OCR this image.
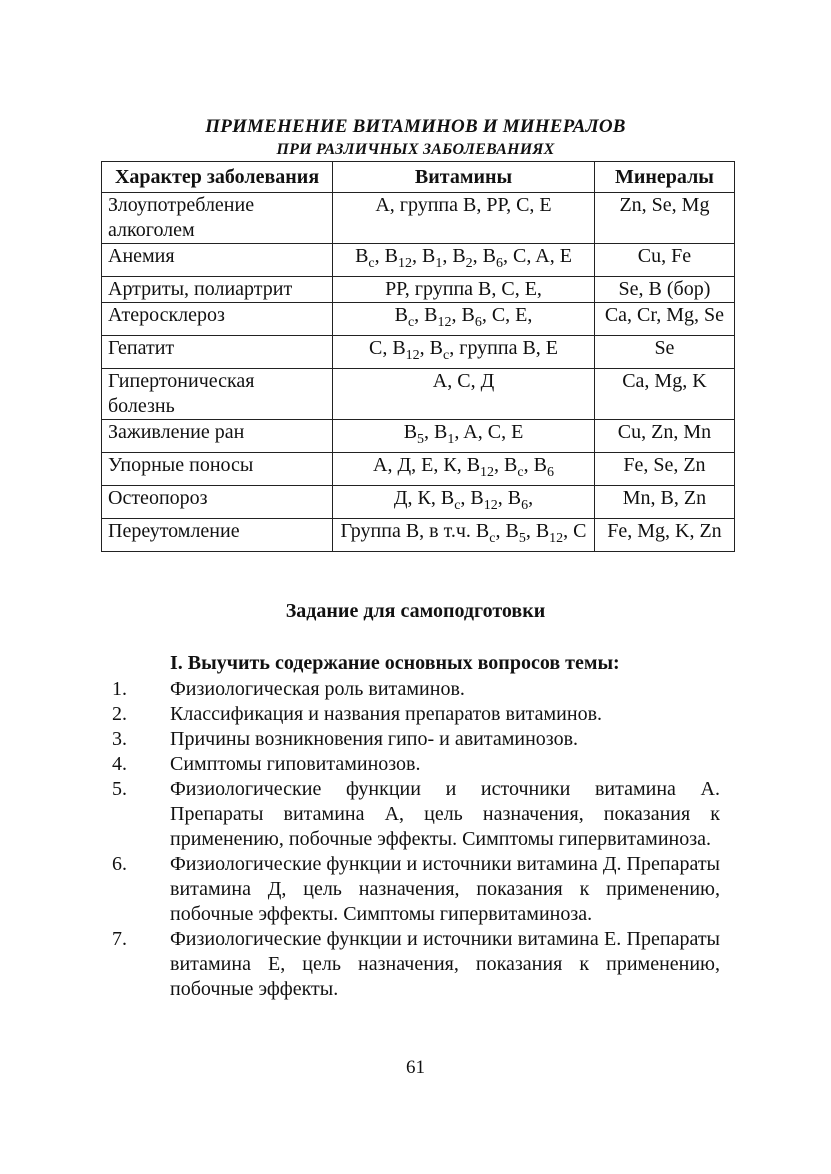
ПРИМЕНЕНИЕ ВИТАМИНОВ И МИНЕРАЛОВ
ПРИ РАЗЛИЧНЫХ ЗАБОЛЕВАНИЯХ
Характер заболевания	Витамины	Минералы
Злоупотребление алкоголем	А, группа В, РР, С, Е	Zn, Se, Mg
Анемия	$B_c$, $B_{12}$, $B_1$, $B_2$, $B_6$, C, A, E	Cu, Fe
Артриты, полиартрит	РР, группа В, С, Е,	Se, B (бор)
Атеросклероз	$B_c$, $B_{12}$, $B_6$, C, E,	Ca, Cr, Mg, Se
Гепатит	C, $B_{12}$, $B_c$, группа B, E	Se
Гипертоническая болезнь	А, С, Д	Ca, Mg, K
Заживление ран	$B_5$, $B_1$, A, C, E	Cu, Zn, Mn
Упорные поносы	А, Д, Е, К, $B_{12}$, $B_c$, $B_6$	Fe, Se, Zn
Остеопороз	Д, К, $B_c$, $B_{12}$, $B_6$,	Mn, B, Zn
Переутомление	Группа В, в т.ч. $B_c$, $B_5$, $B_{12}$, С	Fe, Mg, K, Zn
Задание для самоподготовки
I. Выучить содержание основных вопросов темы:
1.	Физиологическая роль витаминов.
2.	Классификация и названия препаратов витаминов.
3.	Причины возникновения гипо- и авитаминозов.
4.	Симптомы гиповитаминозов.
5.	Физиологические функции и источники витамина А. Препараты витамина А, цель назначения, показания к применению, побочные эффекты. Симптомы гипервитаминоза.
6.	Физиологические функции и источники витамина Д. Препараты витамина Д, цель назначения, показания к применению, побочные эффекты. Симптомы гипервитаминоза.
7.	Физиологические функции и источники витамина Е. Препараты витамина Е, цель назначения, показания к применению, побочные эффекты.
61
